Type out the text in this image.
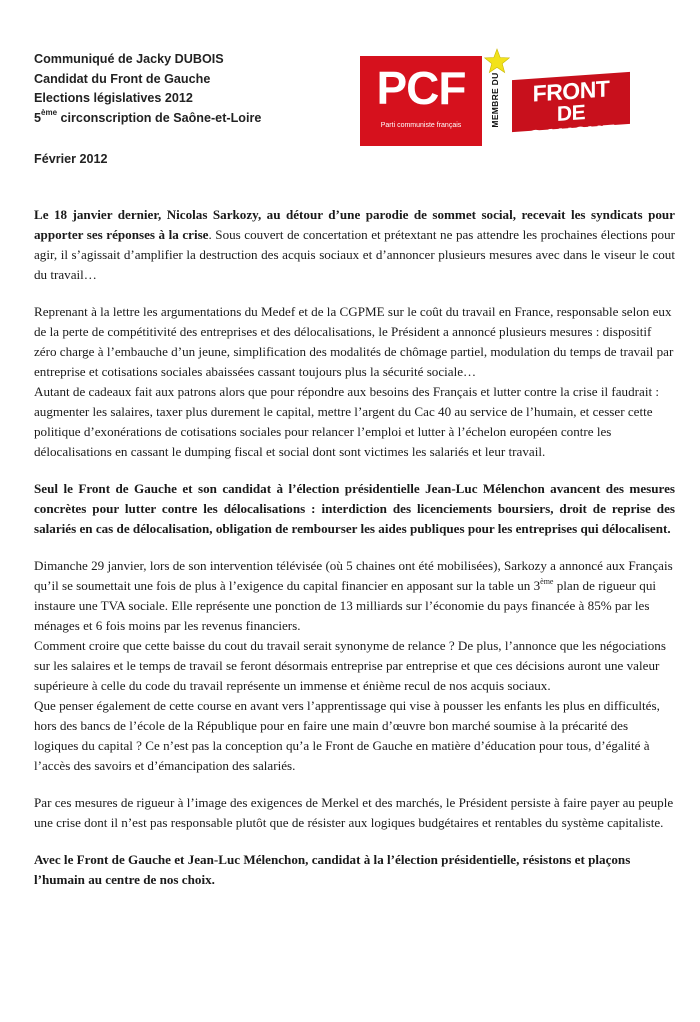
Communiqué de Jacky DUBOIS
Candidat du Front de Gauche
Elections législatives 2012
5ème circonscription de Saône-et-Loire
Février 2012
PCF
Parti communiste français	MEMBRE DU	FRONT
DE GAUCHE

Le 18 janvier dernier, Nicolas Sarkozy, au détour d’une parodie de sommet social, recevait les syndicats pour apporter ses réponses à la crise. Sous couvert de concertation et prétextant ne pas attendre les prochaines élections pour agir, il s’agissait d’amplifier la destruction des acquis sociaux et d’annoncer plusieurs mesures avec dans le viseur le cout du travail…

Reprenant à la lettre les argumentations du Medef et de la CGPME sur le coût du travail en France, responsable selon eux de la perte de compétitivité des entreprises et des délocalisations, le Président a annoncé plusieurs mesures : dispositif zéro charge à l’embauche d’un jeune, simplification des modalités de chômage partiel, modulation du temps de travail par entreprise et cotisations sociales abaissées cassant toujours plus la sécurité sociale…

Autant de cadeaux fait aux patrons alors que pour répondre aux besoins des Français et lutter contre la crise il faudrait : augmenter les salaires, taxer plus durement le capital, mettre l’argent du Cac 40 au service de l’humain, et cesser cette politique d’exonérations de cotisations sociales pour relancer l’emploi et lutter à l’échelon européen contre les délocalisations en cassant le dumping fiscal et social dont sont victimes les salariés et leur travail.

Seul le Front de Gauche et son candidat à l’élection présidentielle Jean-Luc Mélenchon avancent des mesures concrètes pour lutter contre les délocalisations : interdiction des licenciements boursiers, droit de reprise des salariés en cas de délocalisation, obligation de rembourser les aides publiques pour les entreprises qui délocalisent.

Dimanche 29 janvier, lors de son intervention télévisée (où 5 chaines ont été mobilisées), Sarkozy a annoncé aux Français qu’il se soumettait une fois de plus à l’exigence du capital financier en apposant sur la table un 3ème plan de rigueur qui instaure une TVA sociale. Elle représente une ponction de 13 milliards sur l’économie du pays financée à 85% par les ménages et 6 fois moins par les revenus financiers.

Comment croire que cette baisse du cout du travail serait synonyme de relance ? De plus, l’annonce que les négociations sur les salaires et le temps de travail se feront désormais entreprise par entreprise et que ces décisions auront une valeur supérieure à celle du code du travail représente un immense et énième recul de nos acquis sociaux.

Que penser également de cette course en avant vers l’apprentissage qui vise à pousser les enfants les plus en difficultés, hors des bancs de l’école de la République pour en faire une main d’œuvre bon marché soumise à la précarité des logiques du capital ? Ce n’est pas la conception qu’a le Front de Gauche en matière d’éducation pour tous, d’égalité à l’accès des savoirs et d’émancipation des salariés.

Par ces mesures de rigueur à l’image des exigences de Merkel et des marchés, le Président persiste à faire payer au peuple une crise dont il n’est pas responsable plutôt que de résister aux logiques budgétaires et rentables du système capitaliste.

Avec le Front de Gauche et Jean-Luc Mélenchon, candidat à la l’élection présidentielle, résistons et plaçons l’humain au centre de nos choix.
